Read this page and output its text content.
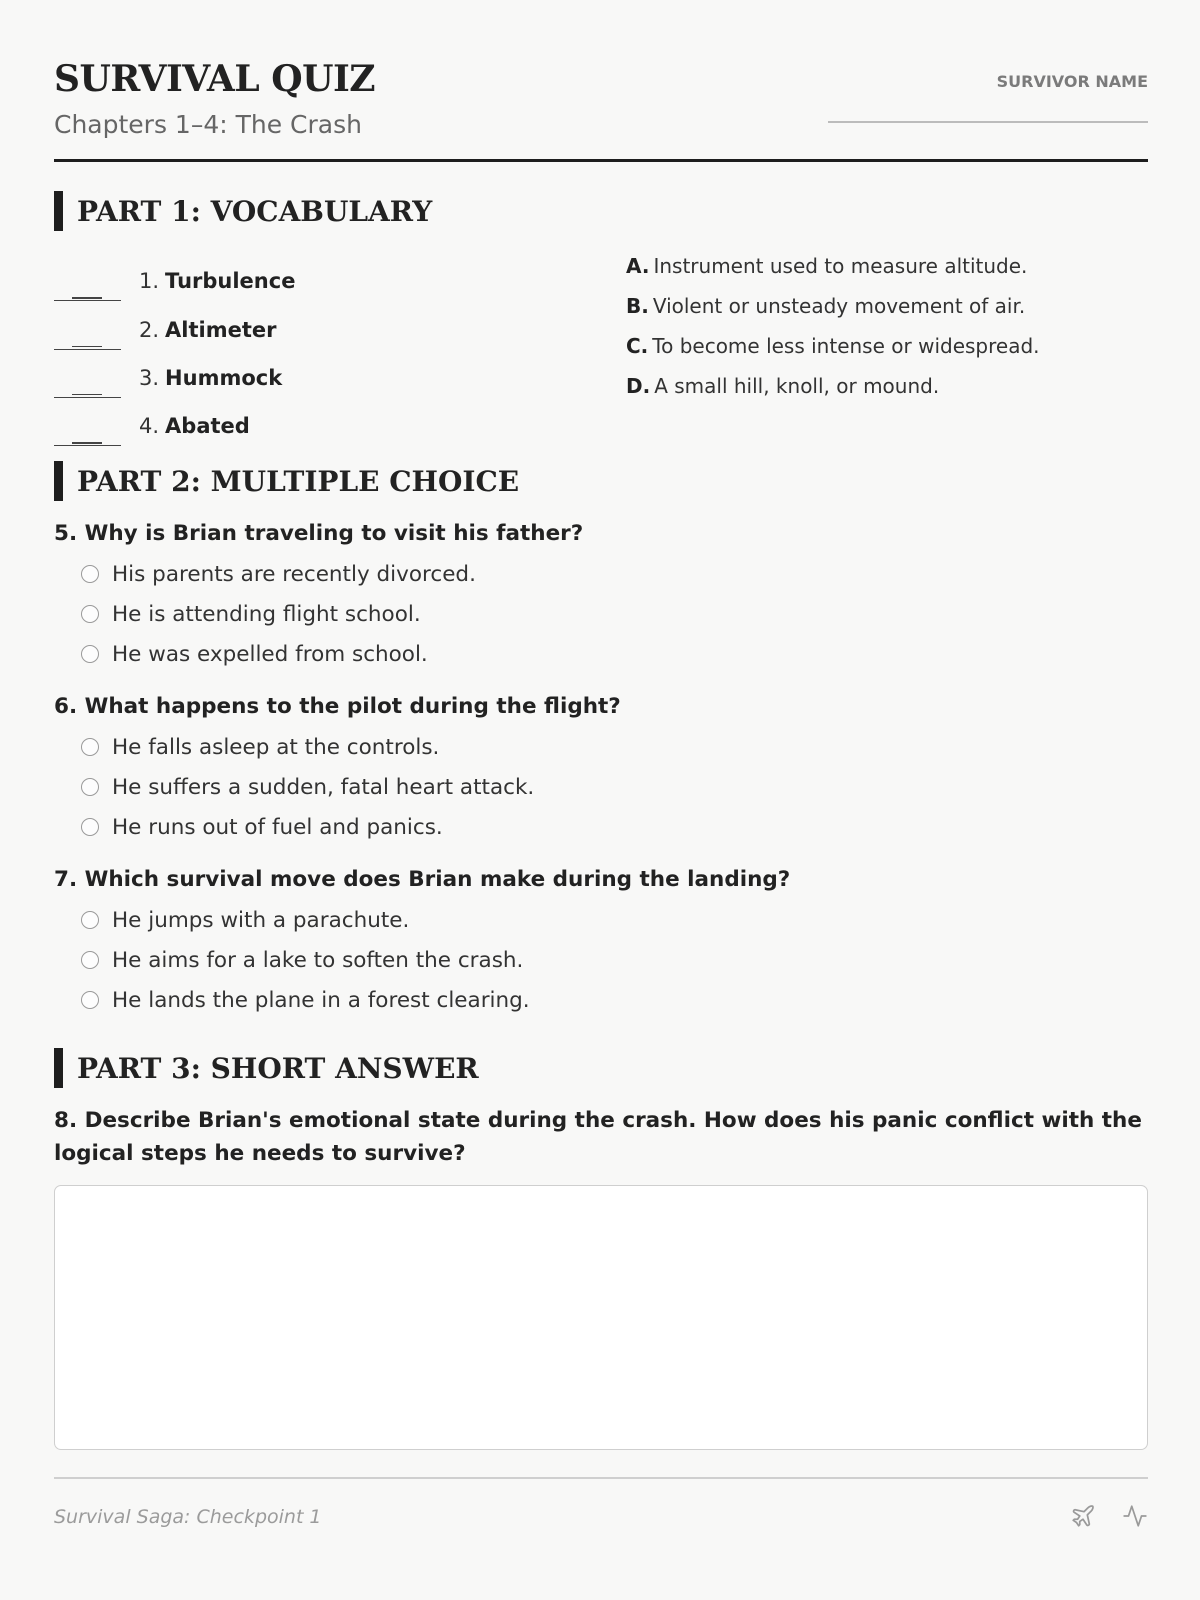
SURVIVAL QUIZ
Chapters 1–4: The Crash
SURVIVOR NAME
PART 1: VOCABULARY
1. Turbulence
2. Altimeter
3. Hummock
4. Abated
A. Instrument used to measure altitude.
B. Violent or unsteady movement of air.
C. To become less intense or widespread.
D. A small hill, knoll, or mound.
PART 2: MULTIPLE CHOICE
5. Why is Brian traveling to visit his father?
His parents are recently divorced.
He is attending flight school.
He was expelled from school.
6. What happens to the pilot during the flight?
He falls asleep at the controls.
He suffers a sudden, fatal heart attack.
He runs out of fuel and panics.
7. Which survival move does Brian make during the landing?
He jumps with a parachute.
He aims for a lake to soften the crash.
He lands the plane in a forest clearing.
PART 3: SHORT ANSWER
8. Describe Brian's emotional state during the crash. How does his panic conflict with the logical steps he needs to survive?
Survival Saga: Checkpoint 1
